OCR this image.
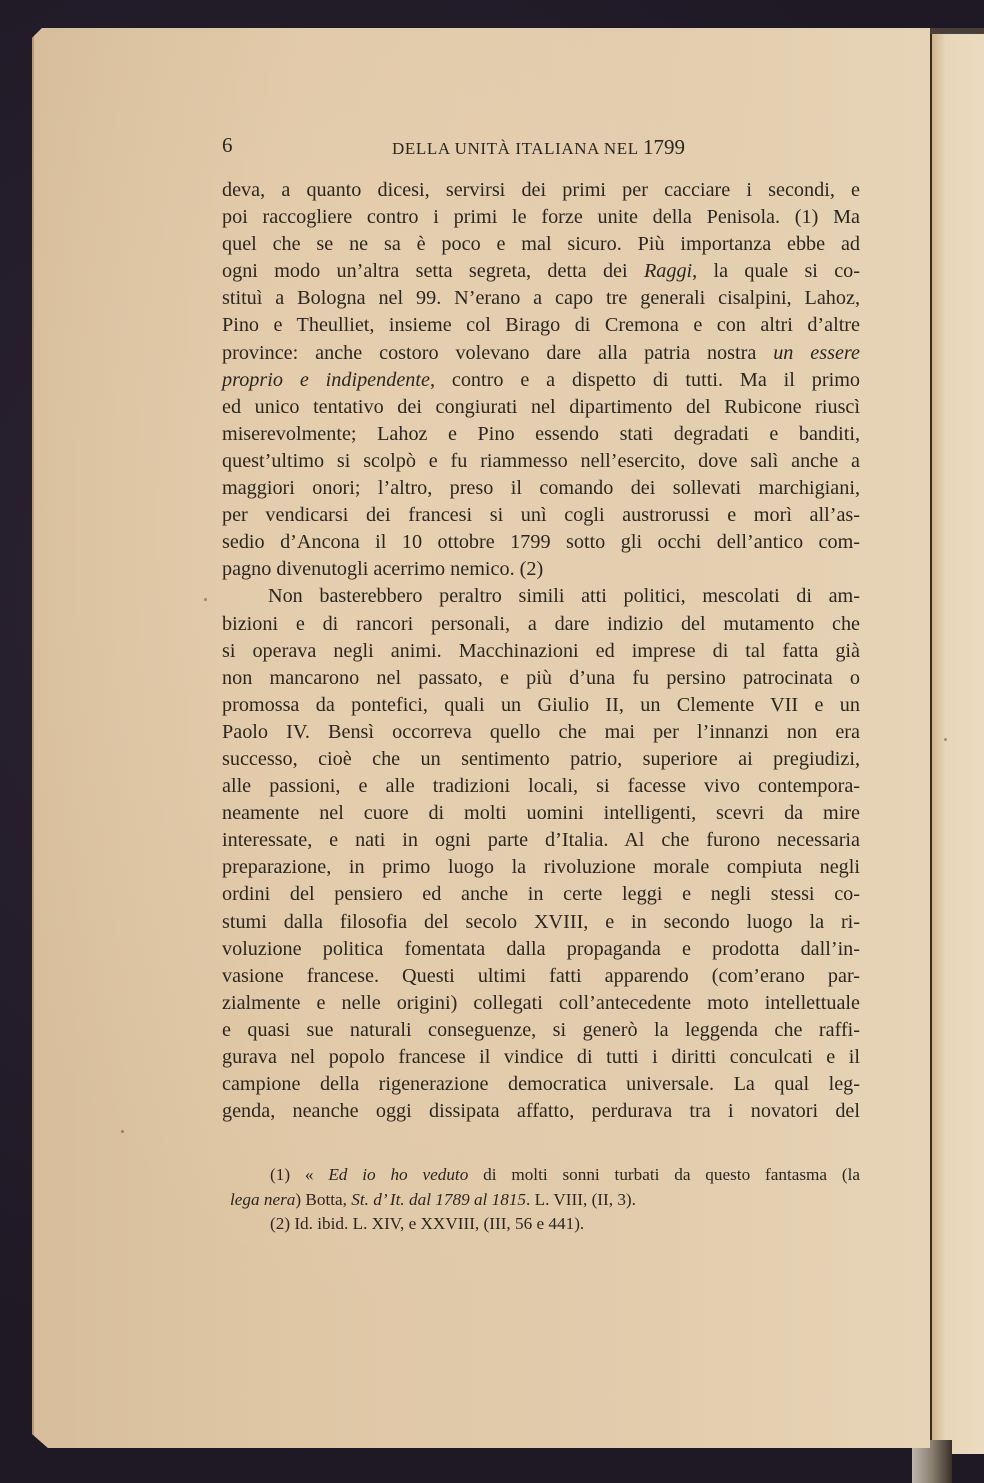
6	DELLA UNITÀ ITALIANA NEL 1799
deva, a quanto dicesi, servirsi dei primi per cacciare i secondi, e
poi raccogliere contro i primi le forze unite della Penisola. (1) Ma
quel che se ne sa è poco e mal sicuro. Più importanza ebbe ad
ogni modo un’altra setta segreta, detta dei Raggi, la quale si co-
stituì a Bologna nel 99. N’erano a capo tre generali cisalpini, Lahoz,
Pino e Theulliet, insieme col Birago di Cremona e con altri d’altre
province: anche costoro volevano dare alla patria nostra un essere
proprio e indipendente, contro e a dispetto di tutti. Ma il primo
ed unico tentativo dei congiurati nel dipartimento del Rubicone riuscì
miserevolmente; Lahoz e Pino essendo stati degradati e banditi,
quest’ultimo si scolpò e fu riammesso nell’esercito, dove salì anche a
maggiori onori; l’altro, preso il comando dei sollevati marchigiani,
per vendicarsi dei francesi si unì cogli austrorussi e morì all’as-
sedio d’Ancona il 10 ottobre 1799 sotto gli occhi dell’antico com-
pagno divenutogli acerrimo nemico. (2)
Non basterebbero peraltro simili atti politici, mescolati di am-
bizioni e di rancori personali, a dare indizio del mutamento che
si operava negli animi. Macchinazioni ed imprese di tal fatta già
non mancarono nel passato, e più d’una fu persino patrocinata o
promossa da pontefici, quali un Giulio II, un Clemente VII e un
Paolo IV. Bensì occorreva quello che mai per l’innanzi non era
successo, cioè che un sentimento patrio, superiore ai pregiudizi,
alle passioni, e alle tradizioni locali, si facesse vivo contempora-
neamente nel cuore di molti uomini intelligenti, scevri da mire
interessate, e nati in ogni parte d’Italia. Al che furono necessaria
preparazione, in primo luogo la rivoluzione morale compiuta negli
ordini del pensiero ed anche in certe leggi e negli stessi co-
stumi dalla filosofia del secolo XVIII, e in secondo luogo la ri-
voluzione politica fomentata dalla propaganda e prodotta dall’in-
vasione francese. Questi ultimi fatti apparendo (com’erano par-
zialmente e nelle origini) collegati coll’antecedente moto intellettuale
e quasi sue naturali conseguenze, si generò la leggenda che raffi-
gurava nel popolo francese il vindice di tutti i diritti conculcati e il
campione della rigenerazione democratica universale. La qual leg-
genda, neanche oggi dissipata affatto, perdurava tra i novatori del
(1) « Ed io ho veduto di molti sonni turbati da questo fantasma (la
lega nera) Botta, St. d’ It. dal 1789 al 1815. L. VIII, (II, 3).
(2) Id. ibid. L. XIV, e XXVIII, (III, 56 e 441).
